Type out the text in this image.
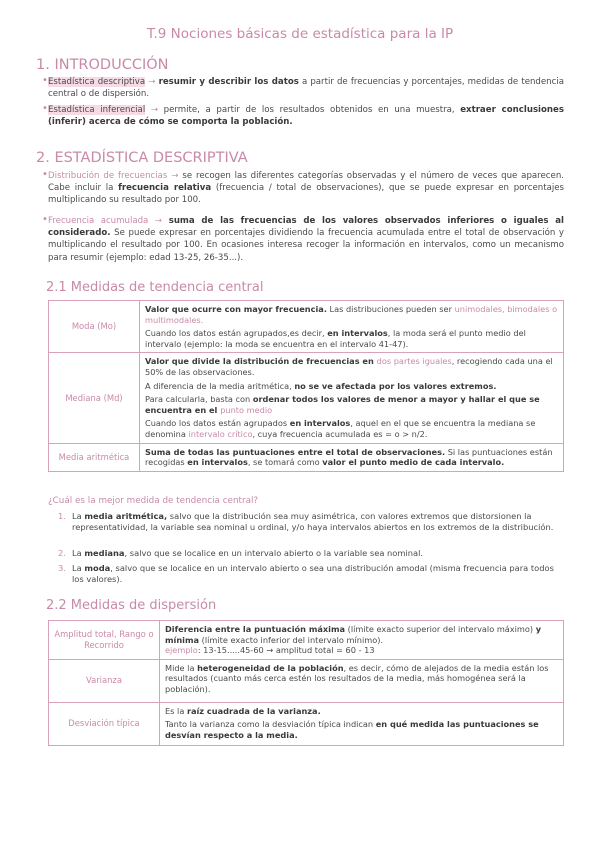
T.9 Nociones básicas de estadística para la IP
1. INTRODUCCIÓN
• Estadística descriptiva → resumir y describir los datos a partir de frecuencias y porcentajes, medidas de tendencia central o de dispersión.
• Estadística inferencial → permite, a partir de los resultados obtenidos en una muestra, extraer conclusiones (inferir) acerca de cómo se comporta la población.
2. ESTADÍSTICA DESCRIPTIVA
• Distribución de frecuencias → se recogen las diferentes categorías observadas y el número de veces que aparecen. Cabe incluir la frecuencia relativa (frecuencia / total de observaciones), que se puede expresar en porcentajes multiplicando su resultado por 100.
• Frecuencia acumulada → suma de las frecuencias de los valores observados inferiores o iguales al considerado. Se puede expresar en porcentajes dividiendo la frecuencia acumulada entre el total de observación y multiplicando el resultado por 100. En ocasiones interesa recoger la información en intervalos, como un mecanismo para resumir (ejemplo: edad 13-25, 26-35...).
2.1 Medidas de tendencia central
Moda (Mo)	Valor que ocurre con mayor frecuencia. Las distribuciones pueden ser unimodales, bimodales o multimodales.
Cuando los datos están agrupados,es decir, en intervalos, la moda será el punto medio del intervalo (ejemplo: la moda se encuentra en el intervalo 41-47).

Mediana (Md)	Valor que divide la distribución de frecuencias en dos partes iguales, recogiendo cada una el 50% de las observaciones.
A diferencia de la media aritmética, no se ve afectada por los valores extremos.
Para calcularla, basta con ordenar todos los valores de menor a mayor y hallar el que se encuentra en el punto medio
Cuando los datos están agrupados en intervalos, aquel en el que se encuentra la mediana se denomina intervalo crítico, cuya frecuencia acumulada es = o > n/2.

Media aritmética	Suma de todas las puntuaciones entre el total de observaciones. Si las puntuaciones están recogidas en intervalos, se tomará como valor el punto medio de cada intervalo.
¿Cuál es la mejor medida de tendencia central?
1. La media aritmética, salvo que la distribución sea muy asimétrica, con valores extremos que distorsionen la representatividad, la variable sea nominal u ordinal, y/o haya intervalos abiertos en los extremos de la distribución.
2. La mediana, salvo que se localice en un intervalo abierto o la variable sea nominal.
3. La moda, salvo que se localice en un intervalo abierto o sea una distribución amodal (misma frecuencia para todos los valores).
2.2 Medidas de dispersión
Amplitud total, Rango o Recorrido	Diferencia entre la puntuación máxima (límite exacto superior del intervalo máximo) y mínima (límite exacto inferior del intervalo mínimo).
ejemplo: 13-15.....45-60 → amplitud total = 60 - 13

Varianza	Mide la heterogeneidad de la población, es decir, cómo de alejados de la media están los resultados (cuanto más cerca estén los resultados de la media, más homogénea será la población).
Desviación típica	Es la raíz cuadrada de la varianza.
Tanto la varianza como la desviación típica indican en qué medida las puntuaciones se desvían respecto a la media.
